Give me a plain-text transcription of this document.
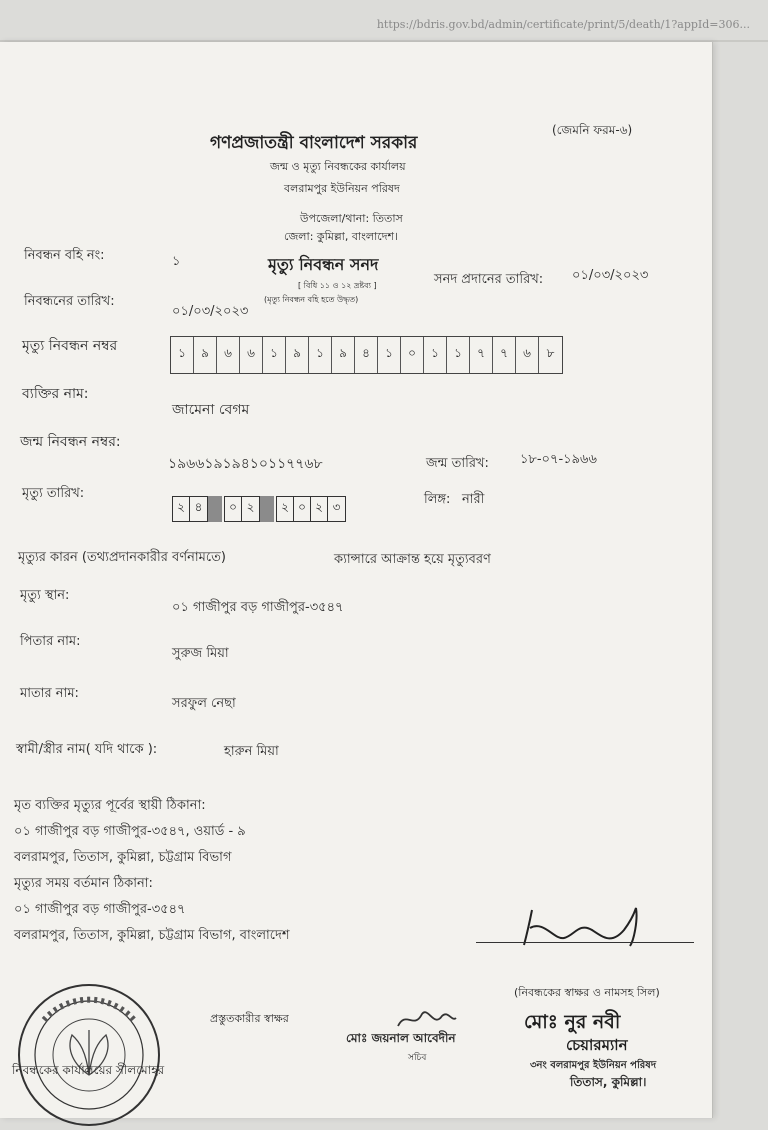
https://bdris.gov.bd/admin/certificate/print/5/death/1?appId=306...
গণপ্রজাতন্ত্রী বাংলাদেশ সরকার
(জেমনি ফরম-৬)
জন্ম ও মৃত্যু নিবন্ধকের কার্যালয়
বলরামপুর ইউনিয়ন পরিষদ
উপজেলা/থানা: তিতাস
জেলা: কুমিল্লা, বাংলাদেশ।
মৃত্যু নিবন্ধন সনদ
[ বিধি ১১ ও ১২ দ্রষ্টব্য ]
(মৃত্যু নিবন্ধন বহি হতে উদ্ধৃত)
নিবন্ধন বহি নং:	১
সনদ প্রদানের তারিখ: ০১/০৩/২০২৩
নিবন্ধনের তারিখ:
০১/০৩/২০২৩
মৃত্যু নিবন্ধন নম্বর	১	৯	৬	৬	১	৯	১	৯	৪	১	০	১	১	৭	৭	৬	৮
ব্যক্তির নাম:
জামেনা বেগম
জন্ম নিবন্ধন নম্বর:
১৯৬৬১৯১৯৪১০১১৭৭৬৮	জন্ম তারিখ: ১৮-০৭-১৯৬৬
মৃত্যু তারিখ:
২ ৪	০ ২	২ ০ ২ ৩	লিঙ্গ: নারী
মৃত্যুর কারন (তথ্যপ্রদানকারীর বর্ণনামতে)	ক্যান্সারে আক্রান্ত হয়ে মৃত্যুবরণ
মৃত্যু স্থান:
০১ গাজীপুর বড় গাজীপুর-৩৫৪৭
পিতার নাম:
সুরুজ মিয়া
মাতার নাম:
সরফুল নেছা
স্বামী/স্ত্রীর নাম( যদি থাকে ):	হারুন মিয়া
মৃত ব্যক্তির মৃত্যুর পূর্বের স্থায়ী ঠিকানা:
০১ গাজীপুর বড় গাজীপুর-৩৫৪৭, ওয়ার্ড - ৯
বলরামপুর, তিতাস, কুমিল্লা, চট্টগ্রাম বিভাগ
মৃত্যুর সময় বর্তমান ঠিকানা:
০১ গাজীপুর বড় গাজীপুর-৩৫৪৭
বলরামপুর, তিতাস, কুমিল্লা, চট্টগ্রাম বিভাগ, বাংলাদেশ
(নিবন্ধকের স্বাক্ষর ও নামসহ সিল)
প্রস্তুতকারীর স্বাক্ষর
মোঃ জয়নাল আবেদীন
সচিব
মোঃ নুর নবী
চেয়ারম্যান
৩নং বলরামপুর ইউনিয়ন পরিষদ
তিতাস, কুমিল্লা।
নিবন্ধকের কার্যালয়ের সীলমোহর
